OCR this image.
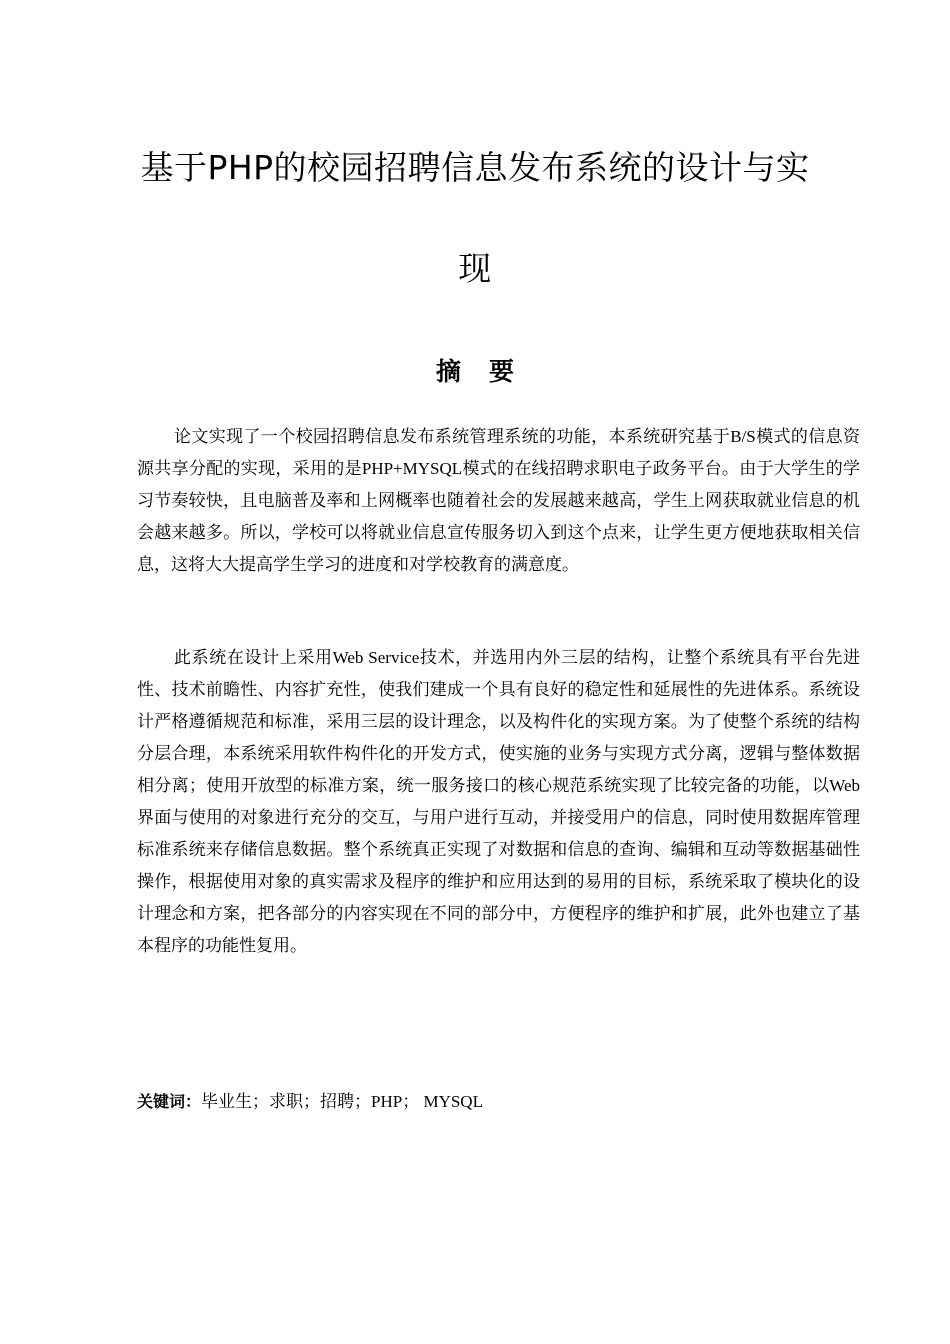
基于PHP的校园招聘信息发布系统的设计与实
现
摘要

论文实现了一个校园招聘信息发布系统管理系统的功能，本系统研究基于B/S模式的信息资源共享分配的实现，采用的是PHP+MYSQL模式的在线招聘求职电子政务平台。由于大学生的学习节奏较快，且电脑普及率和上网概率也随着社会的发展越来越高，学生上网获取就业信息的机会越来越多。所以，学校可以将就业信息宣传服务切入到这个点来，让学生更方便地获取相关信息，这将大大提高学生学习的进度和对学校教育的满意度。

此系统在设计上采用Web Service技术，并选用内外三层的结构，让整个系统具有平台先进性、技术前瞻性、内容扩充性，使我们建成一个具有良好的稳定性和延展性的先进体系。系统设计严格遵循规范和标准，采用三层的设计理念，以及构件化的实现方案。为了使整个系统的结构分层合理，本系统采用软件构件化的开发方式，使实施的业务与实现方式分离，逻辑与整体数据相分离；使用开放型的标准方案，统一服务接口的核心规范系统实现了比较完备的功能，以Web界面与使用的对象进行充分的交互，与用户进行互动，并接受用户的信息，同时使用数据库管理标准系统来存储信息数据。整个系统真正实现了对数据和信息的查询、编辑和互动等数据基础性操作，根据使用对象的真实需求及程序的维护和应用达到的易用的目标，系统采取了模块化的设计理念和方案，把各部分的内容实现在不同的部分中，方便程序的维护和扩展，此外也建立了基本程序的功能性复用。

关键词：毕业生；求职；招聘；PHP； MYSQL
